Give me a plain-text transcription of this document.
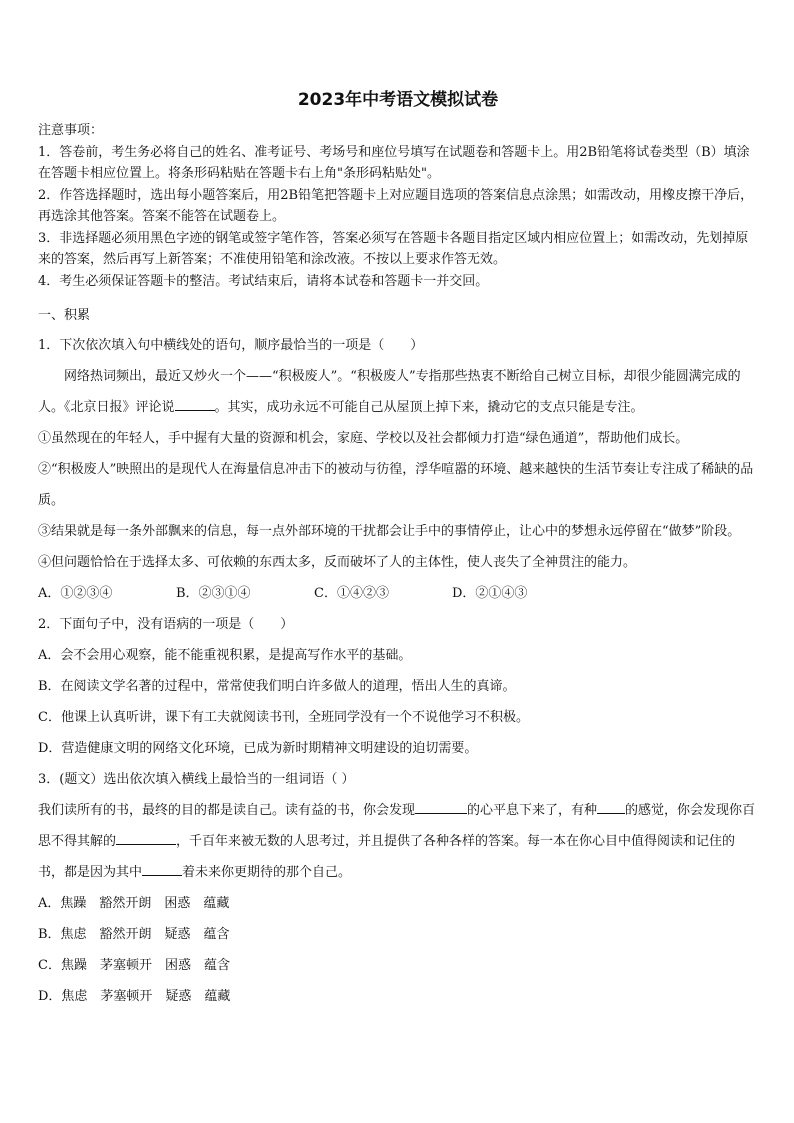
2023年中考语文模拟试卷

注意事项：

1．答卷前，考生务必将自己的姓名、准考证号、考场号和座位号填写在试题卷和答题卡上。用2B铅笔将试卷类型（B）填涂在答题卡相应位置上。将条形码粘贴在答题卡右上角"条形码粘贴处"。

2．作答选择题时，选出每小题答案后，用2B铅笔把答题卡上对应题目选项的答案信息点涂黑；如需改动，用橡皮擦干净后，再选涂其他答案。答案不能答在试题卷上。

3．非选择题必须用黑色字迹的钢笔或签字笔作答，答案必须写在答题卡各题目指定区域内相应位置上；如需改动，先划掉原来的答案，然后再写上新答案；不准使用铅笔和涂改液。不按以上要求作答无效。

4．考生必须保证答题卡的整洁。考试结束后，请将本试卷和答题卡一并交回。

一、积累

1．下次依次填入句中横线处的语句，顺序最恰当的一项是（　　）

网络热词频出，最近又炒火一个——“积极废人”。“积极废人”专指那些热衷不断给自己树立目标，却很少能圆满完成的人。《北京日报》评论说	。其实，成功永远不可能自己从屋顶上掉下来，撬动它的支点只能是专注。

①虽然现在的年轻人，手中握有大量的资源和机会，家庭、学校以及社会都倾力打造“绿色通道”，帮助他们成长。

②“积极废人”映照出的是现代人在海量信息冲击下的被动与彷徨，浮华喧嚣的环境、越来越快的生活节奏让专注成了稀缺的品质。

③结果就是每一条外部飘来的信息，每一点外部环境的干扰都会让手中的事情停止，让心中的梦想永远停留在“做梦”阶段。

④但问题恰恰在于选择太多、可依赖的东西太多，反而破坏了人的主体性，使人丧失了全神贯注的能力。

A．①②③④	B．②③①④	C．①④②③	D．②①④③

2．下面句子中，没有语病的一项是（　　）

A．会不会用心观察，能不能重视积累，是提高写作水平的基础。

B．在阅读文学名著的过程中，常常使我们明白许多做人的道理，悟出人生的真谛。

C．他课上认真听讲，课下有工夫就阅读书刊，全班同学没有一个不说他学习不积极。

D．营造健康文明的网络文化环境，已成为新时期精神文明建设的迫切需要。

3．(题文）选出依次填入横线上最恰当的一组词语（ ）

我们读所有的书，最终的目的都是读自己。读有益的书，你会发现	的心平息下来了，有种 的感觉，你会发现你百思不得其解的	，千百年来被无数的人思考过，并且提供了各种各样的答案。每一本在你心目中值得阅读和记住的书，都是因为其中	着未来你更期待的那个自己。

A．焦躁　豁然开朗　困惑　蕴藏

B．焦虑　豁然开朗　疑惑　蕴含

C．焦躁　茅塞顿开　困惑　蕴含

D．焦虑　茅塞顿开　疑惑　蕴藏
